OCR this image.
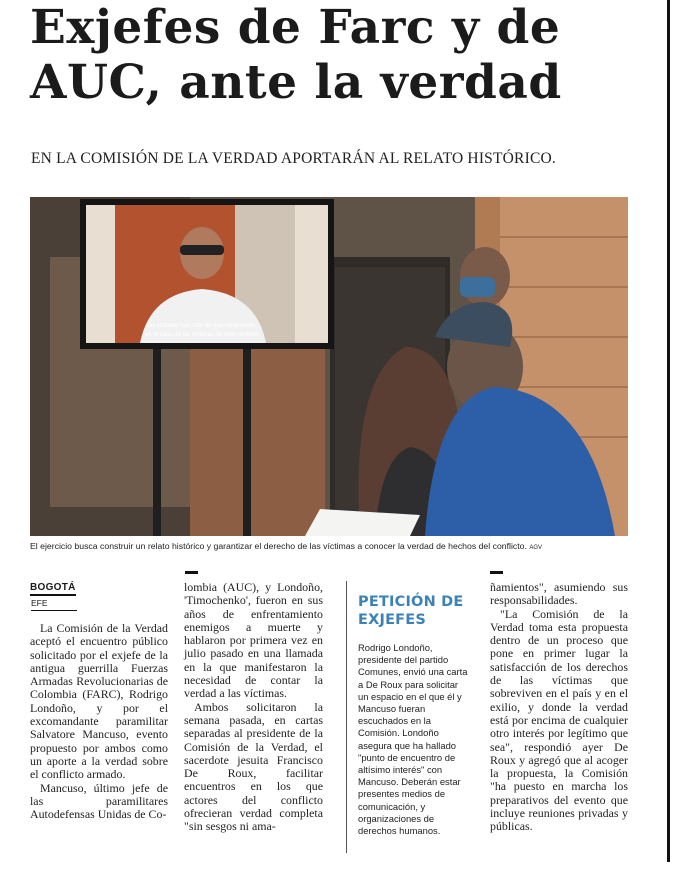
Exjefes de Farc y de
AUC, ante la verdad
EN LA COMISIÓN DE LA VERDAD APORTARÁN AL RELATO HISTÓRICO.
las víctimas han sido de que comprende,
en el caso de las víctimas de este conflicto
El ejercicio busca construir un relato histórico y garantizar el derecho de las víctimas a conocer la verdad de hechos del conflicto. AGV
BOGOTÁ
EFE

La Comisión de la Verdad aceptó el encuentro público solicitado por el exjefe de la antigua guerrilla Fuerzas Armadas Revolucionarias de Colombia (FARC), Rodrigo Londoño, y por el excomandante paramilitar Salvatore Mancuso, evento propuesto por ambos como un aporte a la verdad sobre el conflicto armado.

Mancuso, último jefe de las paramilitares Autodefensas Unidas de Co-

lombia (AUC), y Londoño, 'Timochenko', fueron en sus años de enfrentamiento enemigos a muerte y hablaron por primera vez en julio pasado en una llamada en la que manifestaron la necesidad de contar la verdad a las víctimas.

Ambos solicitaron la semana pasada, en cartas separadas al presidente de la Comisión de la Verdad, el sacerdote jesuita Francisco De Roux, facilitar encuentros en los que actores del conflicto ofrecieran verdad completa "sin sesgos ni ama-

PETICIÓN DE EXJEFES
Rodrigo Londoño, presidente del partido Comunes, envió una carta a De Roux para solicitar un espacio en el que él y Mancuso fueran escuchados en la Comisión. Londoño asegura que ha hallado "punto de encuentro de altísimo interés" con Mancuso. Deberán estar presentes medios de comunicación, y organizaciones de derechos humanos.

ñamientos", asumiendo sus responsabilidades.

"La Comisión de la Verdad toma esta propuesta dentro de un proceso que pone en primer lugar la satisfacción de los derechos de las víctimas que sobreviven en el país y en el exilio, y donde la verdad está por encima de cualquier otro interés por legítimo que sea", respondió ayer De Roux y agregó que al acoger la propuesta, la Comisión "ha puesto en marcha los preparativos del evento que incluye reuniones privadas y públicas.
